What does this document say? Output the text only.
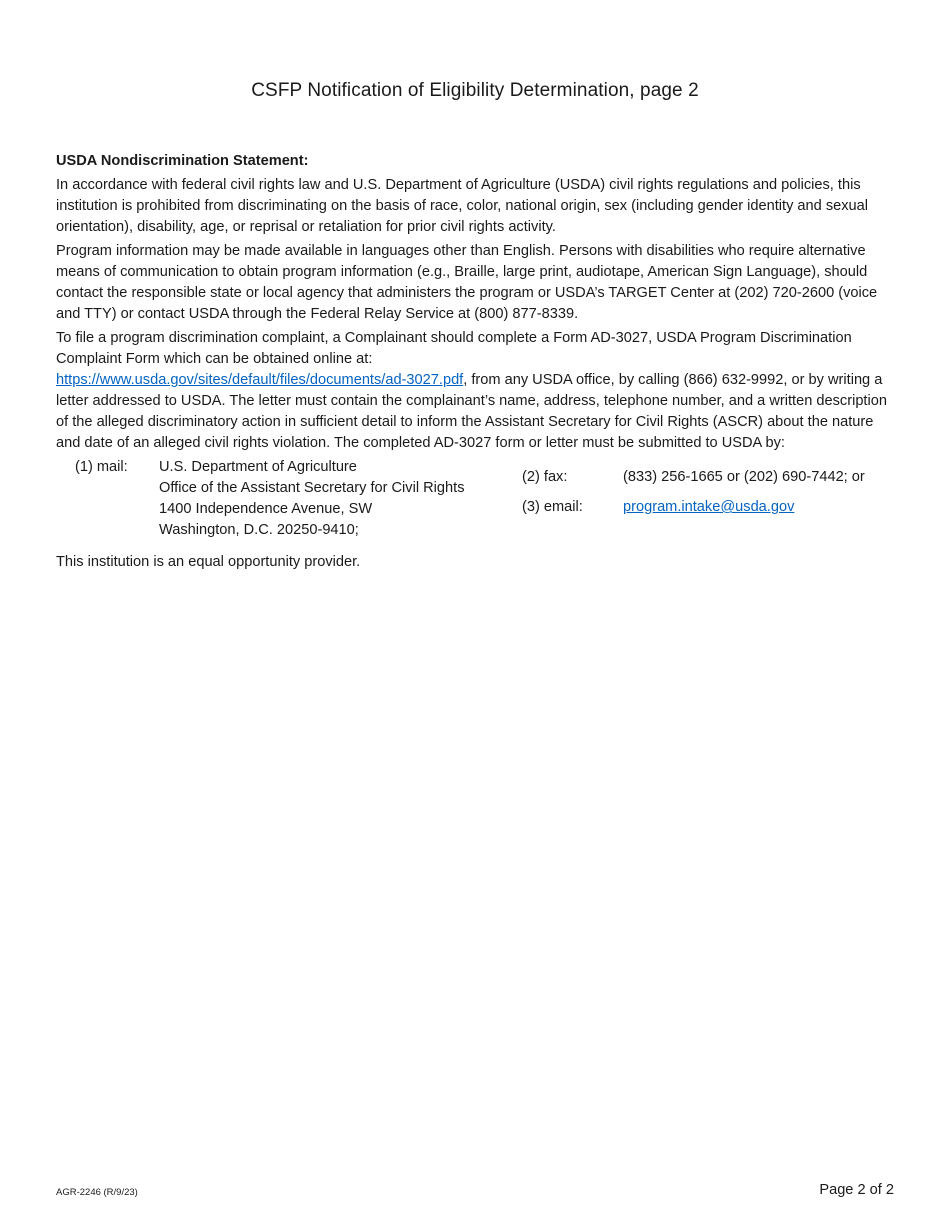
CSFP Notification of Eligibility Determination, page 2
USDA Nondiscrimination Statement:
In accordance with federal civil rights law and U.S. Department of Agriculture (USDA) civil rights regulations and policies, this institution is prohibited from discriminating on the basis of race, color, national origin, sex (including gender identity and sexual orientation), disability, age, or reprisal or retaliation for prior civil rights activity.
Program information may be made available in languages other than English. Persons with disabilities who require alternative means of communication to obtain program information (e.g., Braille, large print, audiotape, American Sign Language), should contact the responsible state or local agency that administers the program or USDA’s TARGET Center at (202) 720-2600 (voice and TTY) or contact USDA through the Federal Relay Service at (800) 877-8339.
To file a program discrimination complaint, a Complainant should complete a Form AD-3027, USDA Program Discrimination Complaint Form which can be obtained online at:
https://www.usda.gov/sites/default/files/documents/ad-3027.pdf, from any USDA office, by calling (866) 632-9992, or by writing a letter addressed to USDA. The letter must contain the complainant’s name, address, telephone number, and a written description of the alleged discriminatory action in sufficient detail to inform the Assistant Secretary for Civil Rights (ASCR) about the nature and date of an alleged civil rights violation. The completed AD-3027 form or letter must be submitted to USDA by:
(1) mail: U.S. Department of Agriculture
Office of the Assistant Secretary for Civil Rights
1400 Independence Avenue, SW
Washington, D.C. 20250-9410;
(2) fax:	(833) 256-1665 or (202) 690-7442; or
(3) email:	program.intake@usda.gov
This institution is an equal opportunity provider.
AGR-2246 (R/9/23)	Page 2 of 2
